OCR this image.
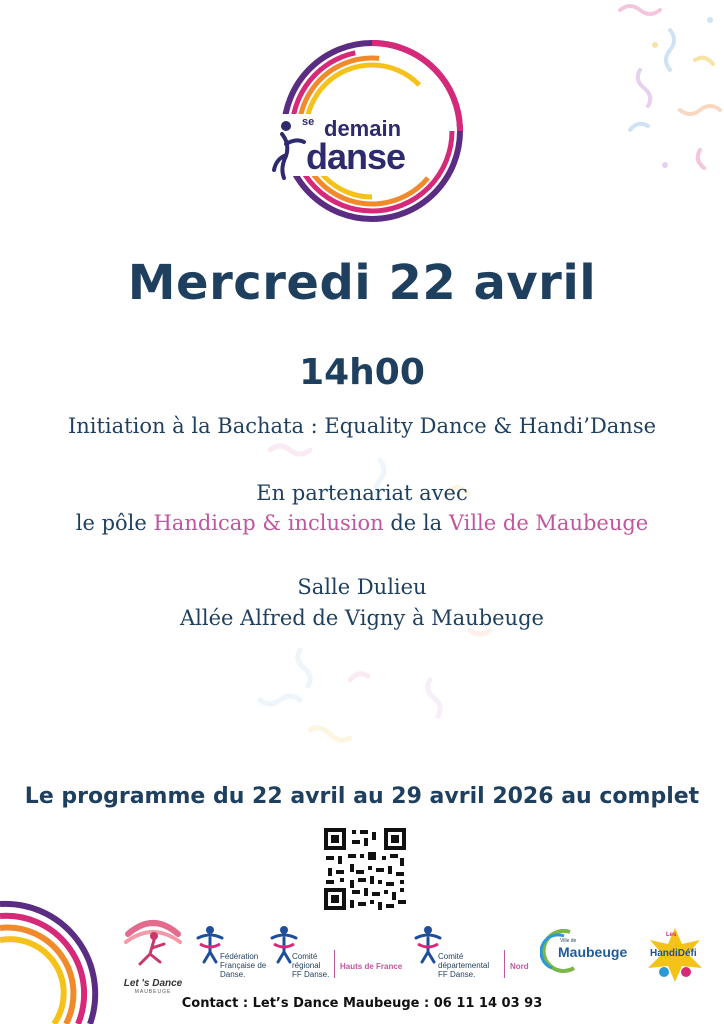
se demain
danse
Mercredi 22 avril
14h00
Initiation à la Bachata : Equality Dance & Handi’Danse
En partenariat avec
le pôle Handicap & inclusion de la Ville de Maubeuge
Salle Dulieu
Allée Alfred de Vigny à Maubeuge
Le programme du 22 avril au 29 avril 2026 au complet
Let 's Dance
MAUBEUGE
Fédération Française de Danse.
Comité régional FF Danse.
Hauts de France
Comité départemental FF Danse.
Nord
Ville de
Maubeuge
Les
HandiDéfi
Contact : Let’s Dance Maubeuge : 06 11 14 03 93
